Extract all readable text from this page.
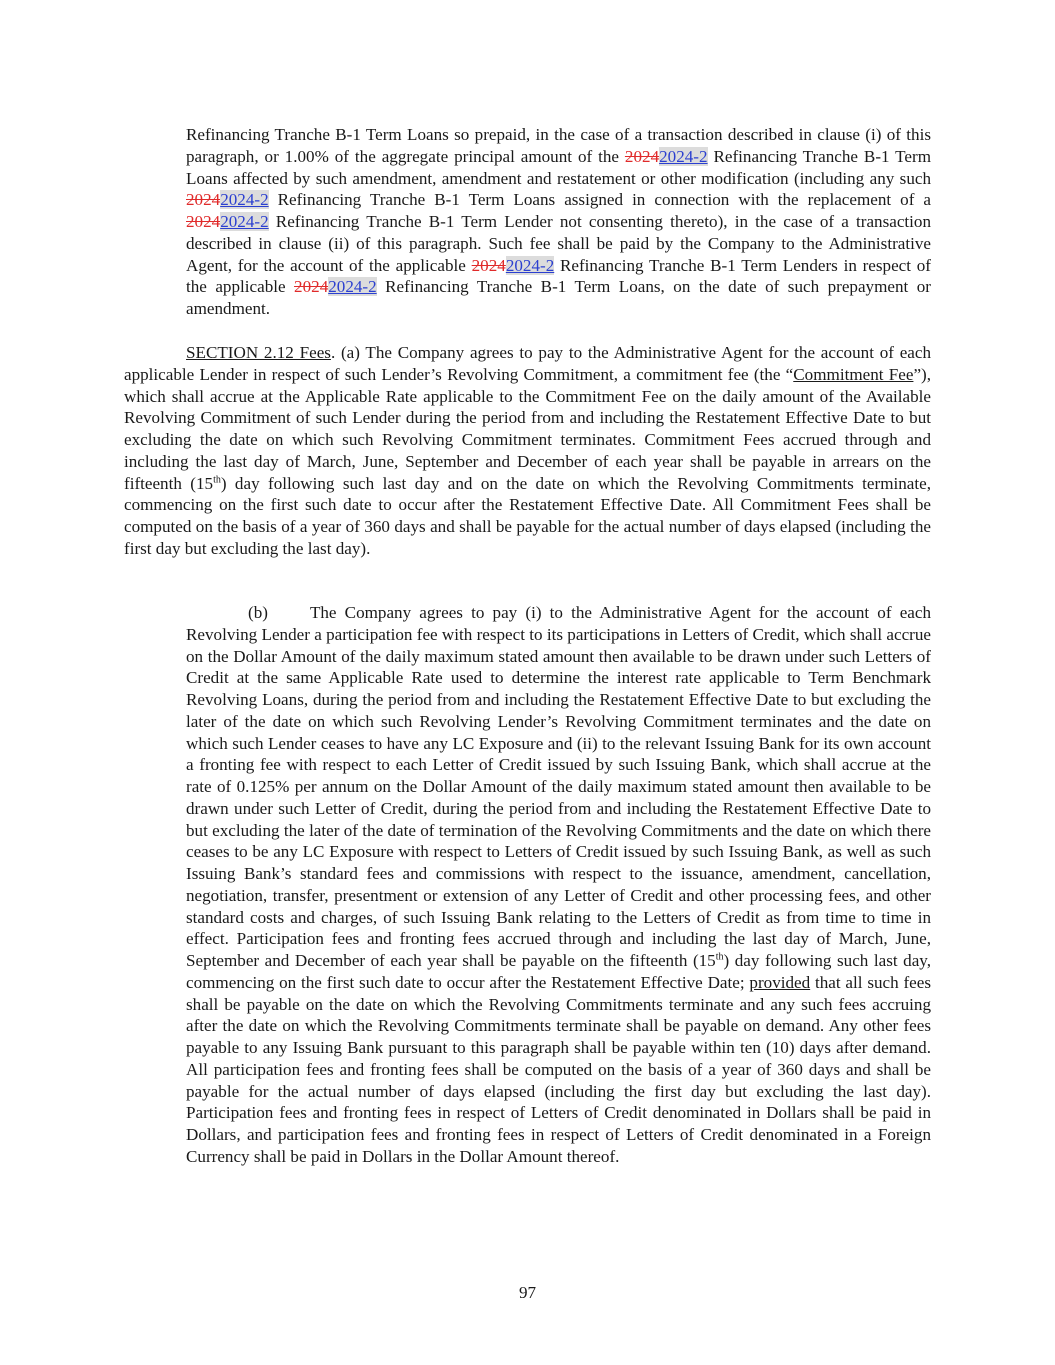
Refinancing Tranche B-1 Term Loans so prepaid, in the case of a transaction described in clause (i) of this paragraph, or 1.00% of the aggregate principal amount of the 20242024-2 Refinancing Tranche B-1 Term Loans affected by such amendment, amendment and restatement or other modification (including any such 20242024-2 Refinancing Tranche B-1 Term Loans assigned in connection with the replacement of a 20242024-2 Refinancing Tranche B-1 Term Lender not consenting thereto), in the case of a transaction described in clause (ii) of this paragraph. Such fee shall be paid by the Company to the Administrative Agent, for the account of the applicable 20242024-2 Refinancing Tranche B-1 Term Lenders in respect of the applicable 20242024-2 Refinancing Tranche B-1 Term Loans, on the date of such prepayment or amendment.

SECTION 2.12 Fees. (a) The Company agrees to pay to the Administrative Agent for the account of each applicable Lender in respect of such Lender’s Revolving Commitment, a commitment fee (the “Commitment Fee”), which shall accrue at the Applicable Rate applicable to the Commitment Fee on the daily amount of the Available Revolving Commitment of such Lender during the period from and including the Restatement Effective Date to but excluding the date on which such Revolving Commitment terminates. Commitment Fees accrued through and including the last day of March, June, September and December of each year shall be payable in arrears on the fifteenth (15th) day following such last day and on the date on which the Revolving Commitments terminate, commencing on the first such date to occur after the Restatement Effective Date. All Commitment Fees shall be computed on the basis of a year of 360 days and shall be payable for the actual number of days elapsed (including the first day but excluding the last day).

(b) The Company agrees to pay (i) to the Administrative Agent for the account of each Revolving Lender a participation fee with respect to its participations in Letters of Credit, which shall accrue on the Dollar Amount of the daily maximum stated amount then available to be drawn under such Letters of Credit at the same Applicable Rate used to determine the interest rate applicable to Term Benchmark Revolving Loans, during the period from and including the Restatement Effective Date to but excluding the later of the date on which such Revolving Lender’s Revolving Commitment terminates and the date on which such Lender ceases to have any LC Exposure and (ii) to the relevant Issuing Bank for its own account a fronting fee with respect to each Letter of Credit issued by such Issuing Bank, which shall accrue at the rate of 0.125% per annum on the Dollar Amount of the daily maximum stated amount then available to be drawn under such Letter of Credit, during the period from and including the Restatement Effective Date to but excluding the later of the date of termination of the Revolving Commitments and the date on which there ceases to be any LC Exposure with respect to Letters of Credit issued by such Issuing Bank, as well as such Issuing Bank’s standard fees and commissions with respect to the issuance, amendment, cancellation, negotiation, transfer, presentment or extension of any Letter of Credit and other processing fees, and other standard costs and charges, of such Issuing Bank relating to the Letters of Credit as from time to time in effect. Participation fees and fronting fees accrued through and including the last day of March, June, September and December of each year shall be payable on the fifteenth (15th) day following such last day, commencing on the first such date to occur after the Restatement Effective Date; provided that all such fees shall be payable on the date on which the Revolving Commitments terminate and any such fees accruing after the date on which the Revolving Commitments terminate shall be payable on demand. Any other fees payable to any Issuing Bank pursuant to this paragraph shall be payable within ten (10) days after demand. All participation fees and fronting fees shall be computed on the basis of a year of 360 days and shall be payable for the actual number of days elapsed (including the first day but excluding the last day). Participation fees and fronting fees in respect of Letters of Credit denominated in Dollars shall be paid in Dollars, and participation fees and fronting fees in respect of Letters of Credit denominated in a Foreign Currency shall be paid in Dollars in the Dollar Amount thereof.

97
